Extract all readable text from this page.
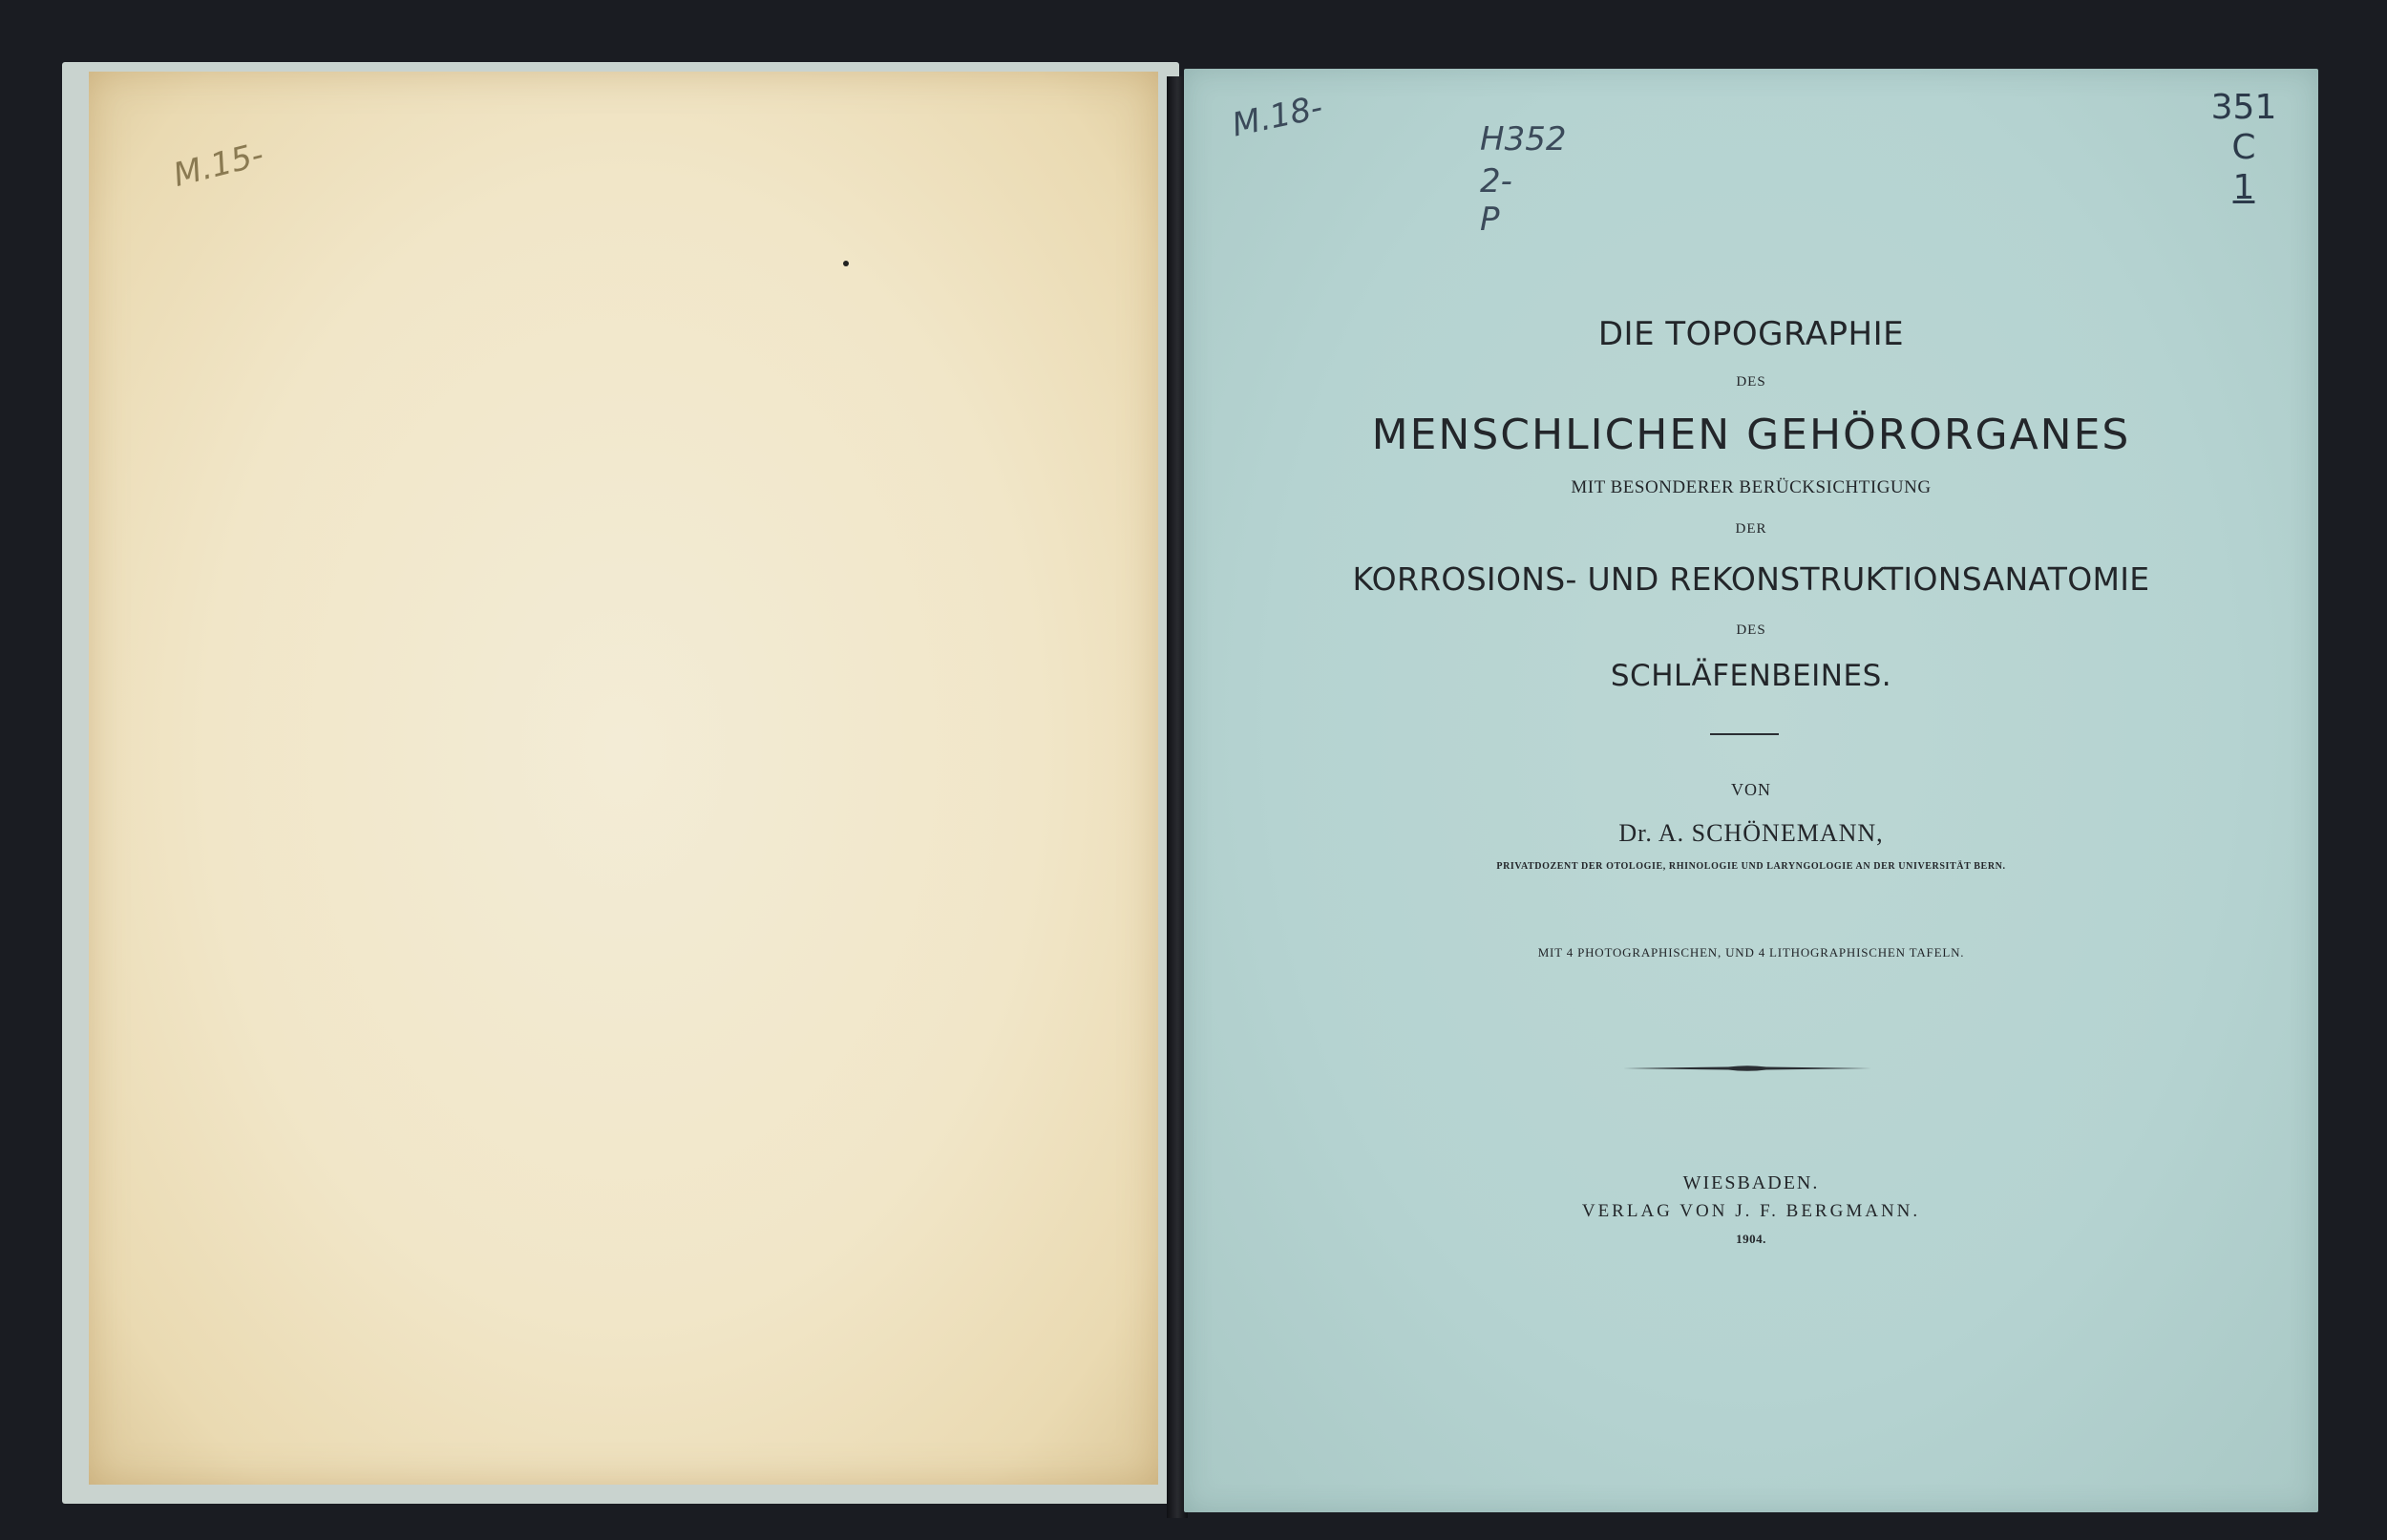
M.15-
M.18-	H352
2-P
351
C
1
DIE TOPOGRAPHIE
DES
MENSCHLICHEN GEHÖRORGANES
MIT BESONDERER BERÜCKSICHTIGUNG
DER
KORROSIONS- UND REKONSTRUKTIONSANATOMIE
DES
SCHLÄFENBEINES.
VON
Dr. A. SCHÖNEMANN,
PRIVATDOZENT DER OTOLOGIE, RHINOLOGIE UND LARYNGOLOGIE AN DER UNIVERSITÄT BERN.
MIT 4 PHOTOGRAPHISCHEN, UND 4 LITHOGRAPHISCHEN TAFELN.
WIESBADEN.
VERLAG VON J. F. BERGMANN.
1904.
